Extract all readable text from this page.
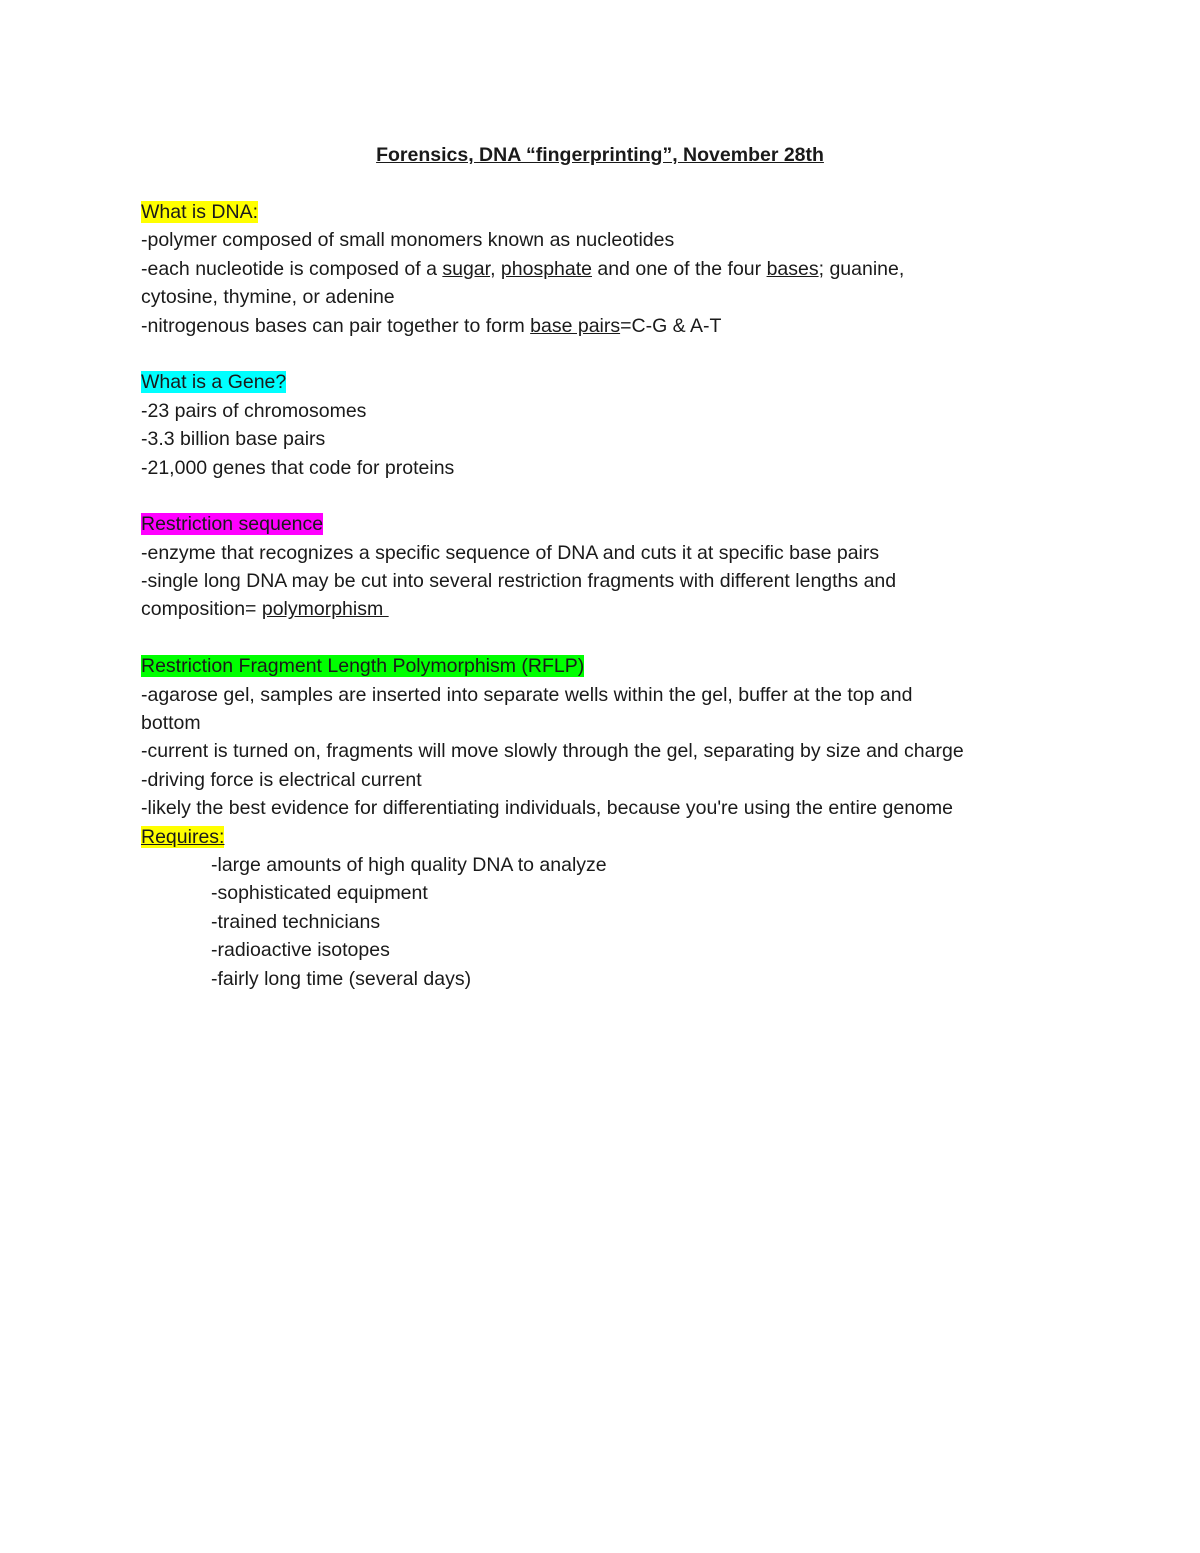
Forensics, DNA “fingerprinting”, November 28th
What is DNA:
-polymer composed of small monomers known as nucleotides
-each nucleotide is composed of a sugar, phosphate and one of the four bases; guanine,
cytosine, thymine, or adenine
-nitrogenous bases can pair together to form base pairs=C-G & A-T
What is a Gene?
-23 pairs of chromosomes
-3.3 billion base pairs
-21,000 genes that code for proteins
Restriction sequence
-enzyme that recognizes a specific sequence of DNA and cuts it at specific base pairs
-single long DNA may be cut into several restriction fragments with different lengths and
composition= polymorphism
Restriction Fragment Length Polymorphism (RFLP)
-agarose gel, samples are inserted into separate wells within the gel, buffer at the top and
bottom
-current is turned on, fragments will move slowly through the gel, separating by size and charge
-driving force is electrical current
-likely the best evidence for differentiating individuals, because you're using the entire genome
Requires:
-large amounts of high quality DNA to analyze
-sophisticated equipment
-trained technicians
-radioactive isotopes
-fairly long time (several days)
